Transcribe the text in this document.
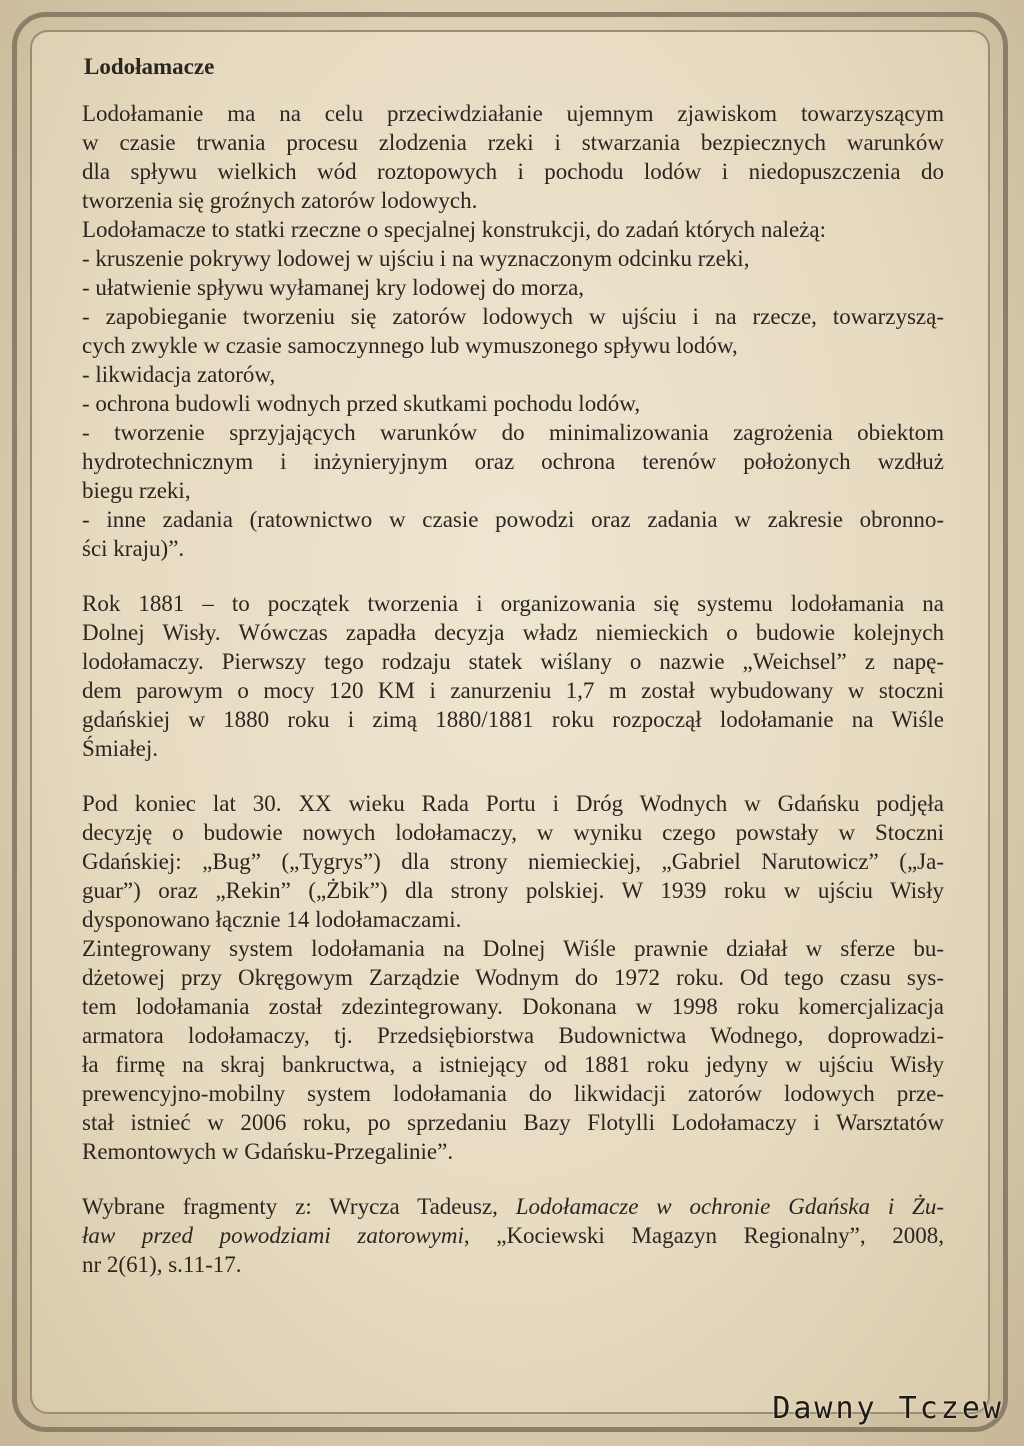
Lodołamacze
Lodołamanie ma na celu przeciwdziałanie ujemnym zjawiskom towarzyszącym
w czasie trwania procesu zlodzenia rzeki i stwarzania bezpiecznych warunków
dla spływu wielkich wód roztopowych i pochodu lodów i niedopuszczenia do
tworzenia się groźnych zatorów lodowych.
Lodołamacze to statki rzeczne o specjalnej konstrukcji, do zadań których należą:
- kruszenie pokrywy lodowej w ujściu i na wyznaczonym odcinku rzeki,
- ułatwienie spływu wyłamanej kry lodowej do morza,
- zapobieganie tworzeniu się zatorów lodowych w ujściu i na rzecze, towarzyszą-
cych zwykle w czasie samoczynnego lub wymuszonego spływu lodów,
- likwidacja zatorów,
- ochrona budowli wodnych przed skutkami pochodu lodów,
- tworzenie sprzyjających warunków do minimalizowania zagrożenia obiektom
hydrotechnicznym i inżynieryjnym oraz ochrona terenów położonych wzdłuż
biegu rzeki,
- inne zadania (ratownictwo w czasie powodzi oraz zadania w zakresie obronno-
ści kraju)”.
Rok 1881 – to początek tworzenia i organizowania się systemu lodołamania na
Dolnej Wisły. Wówczas zapadła decyzja władz niemieckich o budowie kolejnych
lodołamaczy. Pierwszy tego rodzaju statek wiślany o nazwie „Weichsel” z napę-
dem parowym o mocy 120 KM i zanurzeniu 1,7 m został wybudowany w stoczni
gdańskiej w 1880 roku i zimą 1880/1881 roku rozpoczął lodołamanie na Wiśle
Śmiałej.
Pod koniec lat 30. XX wieku Rada Portu i Dróg Wodnych w Gdańsku podjęła
decyzję o budowie nowych lodołamaczy, w wyniku czego powstały w Stoczni
Gdańskiej: „Bug” („Tygrys”) dla strony niemieckiej, „Gabriel Narutowicz” („Ja-
guar”) oraz „Rekin” („Żbik”) dla strony polskiej. W 1939 roku w ujściu Wisły
dysponowano łącznie 14 lodołamaczami.
Zintegrowany system lodołamania na Dolnej Wiśle prawnie działał w sferze bu-
dżetowej przy Okręgowym Zarządzie Wodnym do 1972 roku. Od tego czasu sys-
tem lodołamania został zdezintegrowany. Dokonana w 1998 roku komercjalizacja
armatora lodołamaczy, tj. Przedsiębiorstwa Budownictwa Wodnego, doprowadzi-
ła firmę na skraj bankructwa, a istniejący od 1881 roku jedyny w ujściu Wisły
prewencyjno-mobilny system lodołamania do likwidacji zatorów lodowych prze-
stał istnieć w 2006 roku, po sprzedaniu Bazy Flotylli Lodołamaczy i Warsztatów
Remontowych w Gdańsku-Przegalinie”.
Wybrane fragmenty z: Wrycza Tadeusz, Lodołamacze w ochronie Gdańska i Żu-
ław przed powodziami zatorowymi, „Kociewski Magazyn Regionalny”, 2008,
nr 2(61), s.11-17.
Dawny Tczew
